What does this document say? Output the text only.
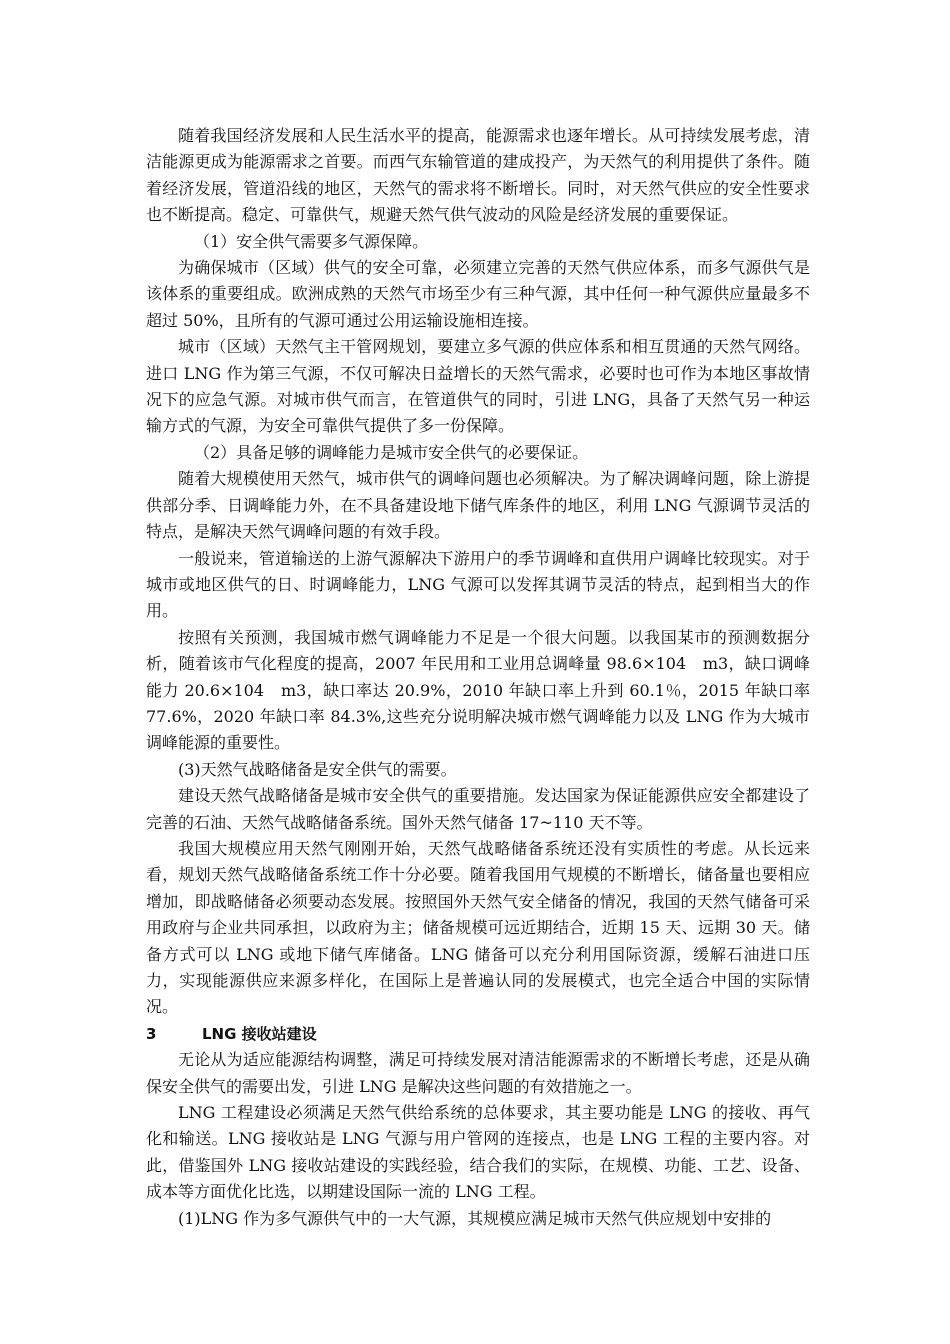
随着我国经济发展和人民生活水平的提高，能源需求也逐年增长。从可持续发展考虑，清洁能源更成为能源需求之首要。而西气东输管道的建成投产，为天然气的利用提供了条件。随着经济发展，管道沿线的地区，天然气的需求将不断增长。同时，对天然气供应的安全性要求也不断提高。稳定、可靠供气，规避天然气供气波动的风险是经济发展的重要保证。

（1）安全供气需要多气源保障。

为确保城市（区域）供气的安全可靠，必须建立完善的天然气供应体系，而多气源供气是该体系的重要组成。欧洲成熟的天然气市场至少有三种气源，其中任何一种气源供应量最多不超过 50%，且所有的气源可通过公用运输设施相连接。

城市（区域）天然气主干管网规划，要建立多气源的供应体系和相互贯通的天然气网络。进口 LNG 作为第三气源，不仅可解决日益增长的天然气需求，必要时也可作为本地区事故情况下的应急气源。对城市供气而言，在管道供气的同时，引进 LNG，具备了天然气另一种运输方式的气源，为安全可靠供气提供了多一份保障。

（2）具备足够的调峰能力是城市安全供气的必要保证。

随着大规模使用天然气，城市供气的调峰问题也必须解决。为了解决调峰问题，除上游提供部分季、日调峰能力外，在不具备建设地下储气库条件的地区，利用 LNG 气源调节灵活的特点，是解决天然气调峰问题的有效手段。

一般说来，管道输送的上游气源解决下游用户的季节调峰和直供用户调峰比较现实。对于城市或地区供气的日、时调峰能力，LNG 气源可以发挥其调节灵活的特点，起到相当大的作用。

按照有关预测，我国城市燃气调峰能力不足是一个很大问题。以我国某市的预测数据分析，随着该市气化程度的提高，2007 年民用和工业用总调峰量 98.6×104　m3，缺口调峰能力 20.6×104　m3，缺口率达 20.9%，2010 年缺口率上升到 60.1％，2015 年缺口率 77.6%，2020 年缺口率 84.3%,这些充分说明解决城市燃气调峰能力以及 LNG 作为大城市调峰能源的重要性。

(3)天然气战略储备是安全供气的需要。

建设天然气战略储备是城市安全供气的重要措施。发达国家为保证能源供应安全都建设了完善的石油、天然气战略储备系统。国外天然气储备 17~110 天不等。

我国大规模应用天然气刚刚开始，天然气战略储备系统还没有实质性的考虑。从长远来看，规划天然气战略储备系统工作十分必要。随着我国用气规模的不断增长，储备量也要相应增加，即战略储备必须要动态发展。按照国外天然气安全储备的情况，我国的天然气储备可采用政府与企业共同承担，以政府为主；储备规模可远近期结合，近期 15 天、远期 30 天。储备方式可以 LNG 或地下储气库储备。LNG 储备可以充分利用国际资源，缓解石油进口压力，实现能源供应来源多样化，在国际上是普遍认同的发展模式，也完全适合中国的实际情况。

3	LNG 接收站建设

无论从为适应能源结构调整，满足可持续发展对清洁能源需求的不断增长考虑，还是从确保安全供气的需要出发，引进 LNG 是解决这些问题的有效措施之一。

LNG 工程建设必须满足天然气供给系统的总体要求，其主要功能是 LNG 的接收、再气化和输送。LNG 接收站是 LNG 气源与用户管网的连接点，也是 LNG 工程的主要内容。对此，借鉴国外 LNG 接收站建设的实践经验，结合我们的实际，在规模、功能、工艺、设备、成本等方面优化比选，以期建设国际一流的 LNG 工程。

(1)LNG 作为多气源供气中的一大气源，其规模应满足城市天然气供应规划中安排的
